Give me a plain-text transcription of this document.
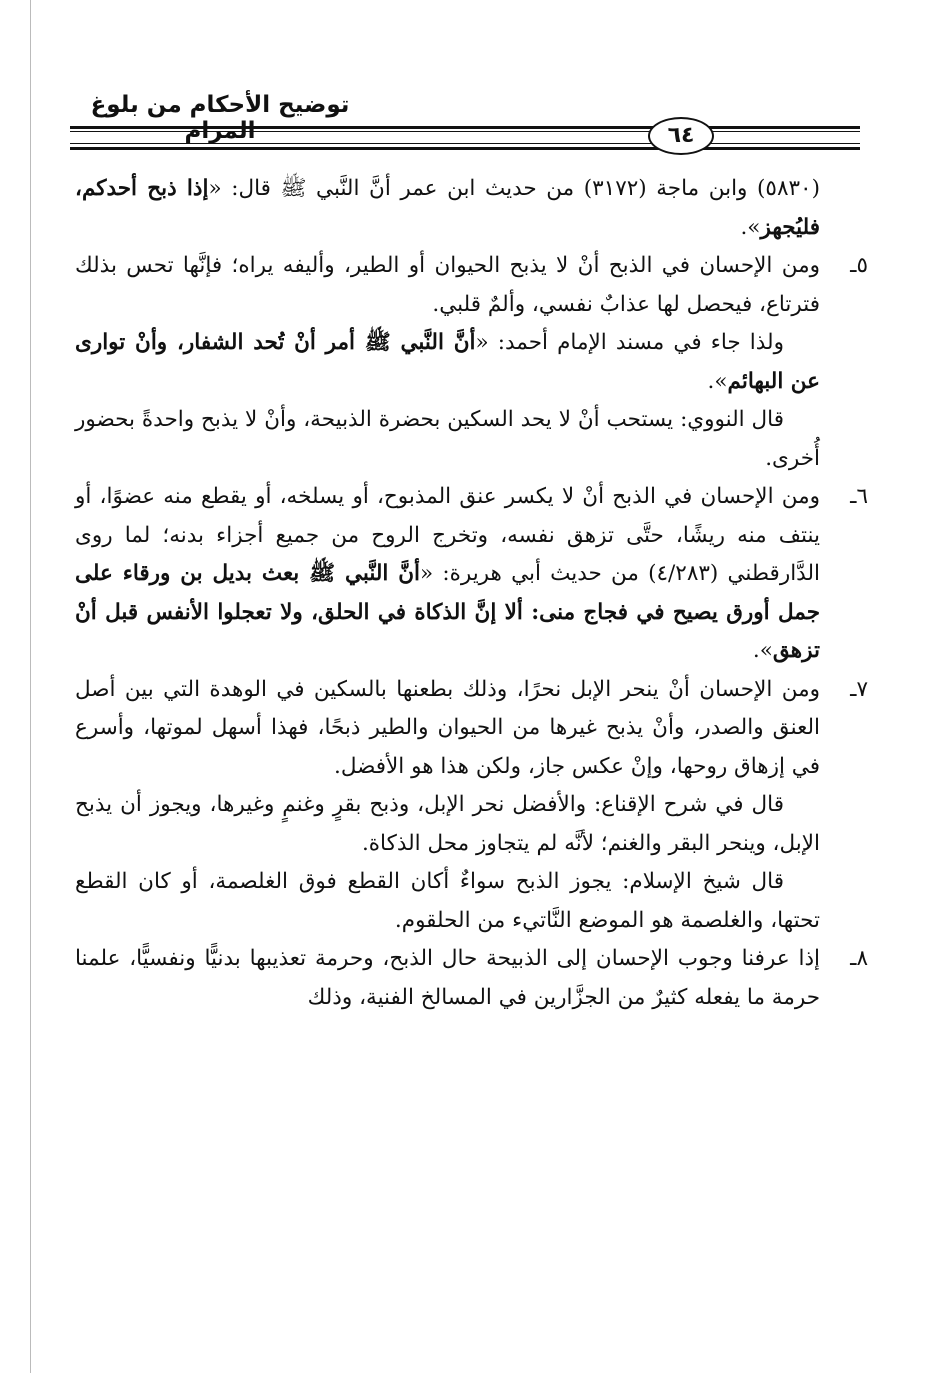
توضيح الأحكام من بلوغ
٦٤

(٥٨٣٠) وابن ماجة (٣١٧٢) من حديث ابن عمر أنَّ النَّبي ﷺ قال: «إذا ذبح أحدكم، فليُجهز».

٥ـ

ومن الإحسان في الذبح أنْ لا يذبح الحيوان أو الطير، وأليفه يراه؛ فإنَّها تحس بذلك فترتاع، فيحصل لها عذابٌ نفسي، وألمٌ قلبي.

ولذا جاء في مسند الإمام أحمد: «أنَّ النَّبي ﷺ أمر أنْ تُحد الشفار، وأنْ توارى عن البهائم».

قال النووي: يستحب أنْ لا يحد السكين بحضرة الذبيحة، وأنْ لا يذبح واحدةً بحضور أُخرى.

٦ـ

ومن الإحسان في الذبح أنْ لا يكسر عنق المذبوح، أو يسلخه، أو يقطع منه عضوًا، أو ينتف منه ريشًا، حتَّى تزهق نفسه، وتخرج الروح من جميع أجزاء بدنه؛ لما روى الدَّارقطني (٤/٢٨٣) من حديث أبي هريرة: «أنَّ النَّبي ﷺ بعث بديل بن ورقاء على جمل أورق يصيح في فجاج منى: ألا إنَّ الذكاة في الحلق، ولا تعجلوا الأنفس قبل أنْ تزهق».

٧ـ

ومن الإحسان أنْ ينحر الإبل نحرًا، وذلك بطعنها بالسكين في الوهدة التي بين أصل العنق والصدر، وأنْ يذبح غيرها من الحيوان والطير ذبحًا، فهذا أسهل لموتها، وأسرع في إزهاق روحها، وإنْ عكس جاز، ولكن هذا هو الأفضل.

قال في شرح الإقناع: والأفضل نحر الإبل، وذبح بقرٍ وغنمٍ وغيرها، ويجوز أن يذبح الإبل، وينحر البقر والغنم؛ لأنَّه لم يتجاوز محل الذكاة.

قال شيخ الإسلام: يجوز الذبح سواءٌ أكان القطع فوق الغلصمة، أو كان القطع تحتها، والغلصمة هو الموضع النَّاتيء من الحلقوم.

٨ـ

إذا عرفنا وجوب الإحسان إلى الذبيحة حال الذبح، وحرمة تعذيبها بدنيًّا ونفسيًّا، علمنا حرمة ما يفعله كثيرٌ من الجزَّارين في المسالخ الفنية، وذلك
